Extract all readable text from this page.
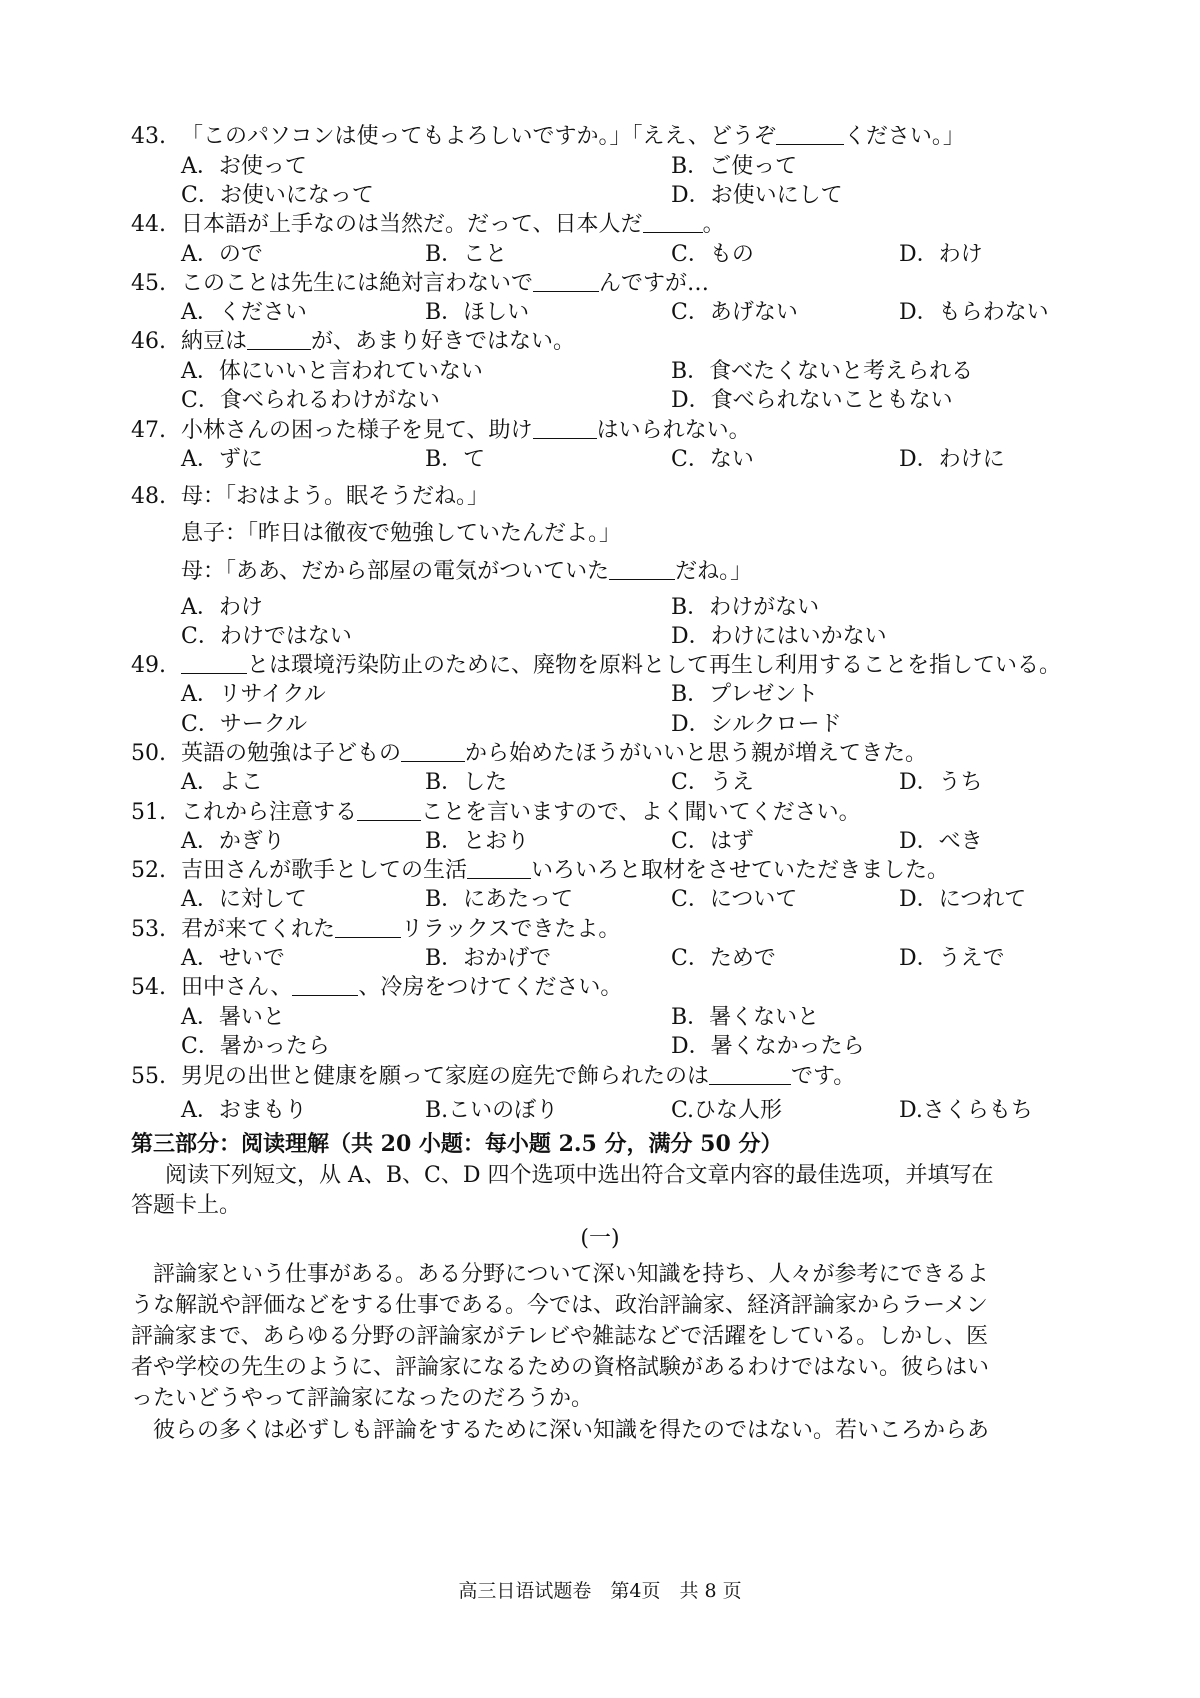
43. 「このパソコンは使ってもよろしいですか。」「ええ、どうぞ	ください。」
A．お使って	B．ご使って
C．お使いになって	D．お使いにして
44. 日本語が上手なのは当然だ。だって、日本人だ	。
A．ので	B．こと	C．もの	D．わけ
45. このことは先生には絶対言わないで	んですが…
A．ください	B．ほしい	C．あげない	D．もらわない
46. 納豆は	が、あまり好きではない。
A．体にいいと言われていない	B．食べたくないと考えられる
C．食べられるわけがない	D．食べられないこともない
47. 小林さんの困った様子を見て、助け	はいられない。
A．ずに	B．て	C．ない	D．わけに
48. 母：「おはよう。眠そうだね。」
息子：「昨日は徹夜で勉強していたんだよ。」
母：「ああ、だから部屋の電気がついていた	だね。」
A．わけ	B．わけがない
C．わけではない	D．わけにはいかない
49.	とは環境汚染防止のために、廃物を原料として再生し利用することを指している。
A．リサイクル	B．プレゼント
C．サークル	D．シルクロード
50. 英語の勉強は子どもの	から始めたほうがいいと思う親が増えてきた。
A．よこ	B．した	C．うえ	D．うち
51. これから注意する	ことを言いますので、よく聞いてください。
A．かぎり	B．とおり	C．はず	D．べき
52. 吉田さんが歌手としての生活	いろいろと取材をさせていただきました。
A．に対して	B．にあたって	C．について	D．につれて
53. 君が来てくれた	リラックスできたよ。
A．せいで	B．おかげで	C．ためで	D．うえで
54. 田中さん、	、冷房をつけてください。
A．暑いと	B．暑くないと
C．暑かったら	D．暑くなかったら
55. 男児の出世と健康を願って家庭の庭先で飾られたのは	です。
A．おまもり	B.こいのぼり	C.ひな人形	D.さくらもち
第三部分：阅读理解（共 20 小题：每小题 2.5 分，满分 50 分）
阅读下列短文，从 A、B、C、D 四个选项中选出符合文章内容的最佳选项，并填写在
答题卡上。
(一)
評論家という仕事がある。ある分野について深い知識を持ち、人々が参考にできるよ
うな解説や評価などをする仕事である。今では、政治評論家、経済評論家からラーメン
評論家まで、あらゆる分野の評論家がテレビや雑誌などで活躍をしている。しかし、医
者や学校の先生のように、評論家になるための資格試験があるわけではない。彼らはい
ったいどうやって評論家になったのだろうか。
彼らの多くは必ずしも評論をするために深い知識を得たのではない。若いころからあ
高三日语试题卷　第4页　共 8 页
